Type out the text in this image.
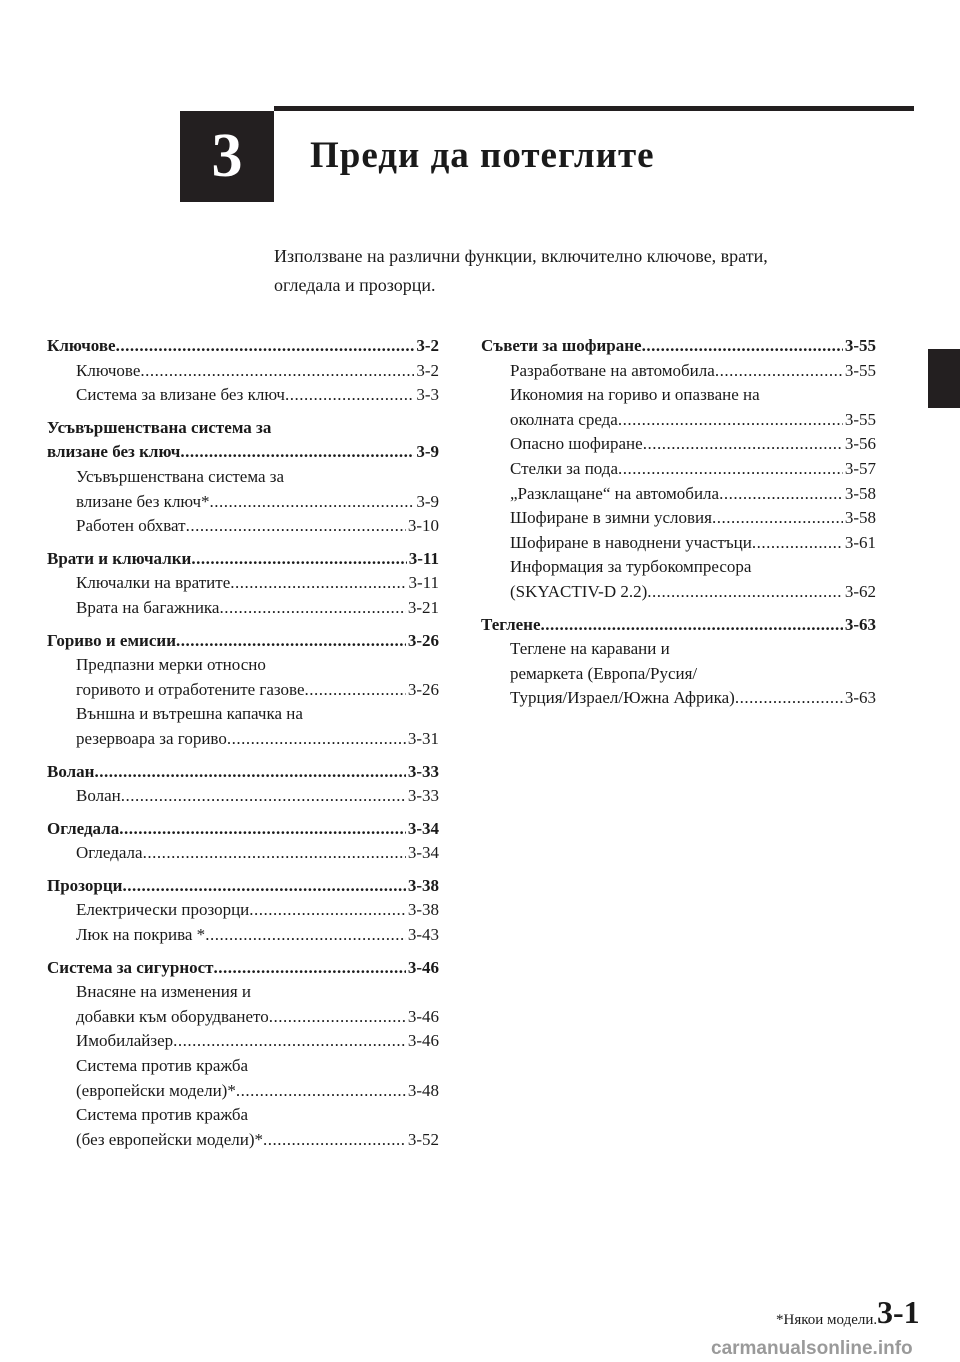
3	Преди да потеглите
Използване на различни функции, включително ключове, врати,
огледала и прозорци.
Ключове .....	3-2
Ключове .....	3-2
Система за влизане без ключ .....	3-3
Усъвършенствана система за
влизане без ключ .....	3-9
Усъвършенствана система за
влизане без ключ* .....	3-9
Работен обхват .....	3-10
Врати и ключалки .....	3-11
Ключалки на вратите .....	3-11
Врата на багажника .....	3-21
Гориво и емисии .....	3-26
Предпазни мерки относно
горивото и отработените газове .....	3-26
Външна и вътрешна капачка на
резервоара за гориво .....	3-31
Волан .....	3-33
Волан .....	3-33
Огледала .....	3-34
Огледала .....	3-34
Прозорци .....	3-38
Електрически прозорци .....	3-38
Люк на покрива * .....	3-43
Система за сигурност .....	3-46
Внасяне на изменения и
добавки към оборудването .....	3-46
Имобилайзер .....	3-46
Система против кражба
(европейски модели)* .....	3-48
Система против кражба
(без европейски модели)* .....	3-52
Съвети за шофиране .....	3-55
Разработване на автомобила .....	3-55
Икономия на гориво и опазване на
околната среда .....	3-55
Опасно шофиране .....	3-56
Стелки за пода .....	3-57
„Разклащане“ на автомобила .....	3-58
Шофиране в зимни условия .....	3-58
Шофиране в наводнени участъци .....	3-61
Информация за турбокомпресора
(SKYACTIV-D 2.2) .....	3-62
Теглене .....	3-63
Теглене на каравани и
ремаркета (Европа/Русия/
Турция/Израел/Южна Африка) .....	3-63
*Някои модели. 3-1
carmanualsonline.info
